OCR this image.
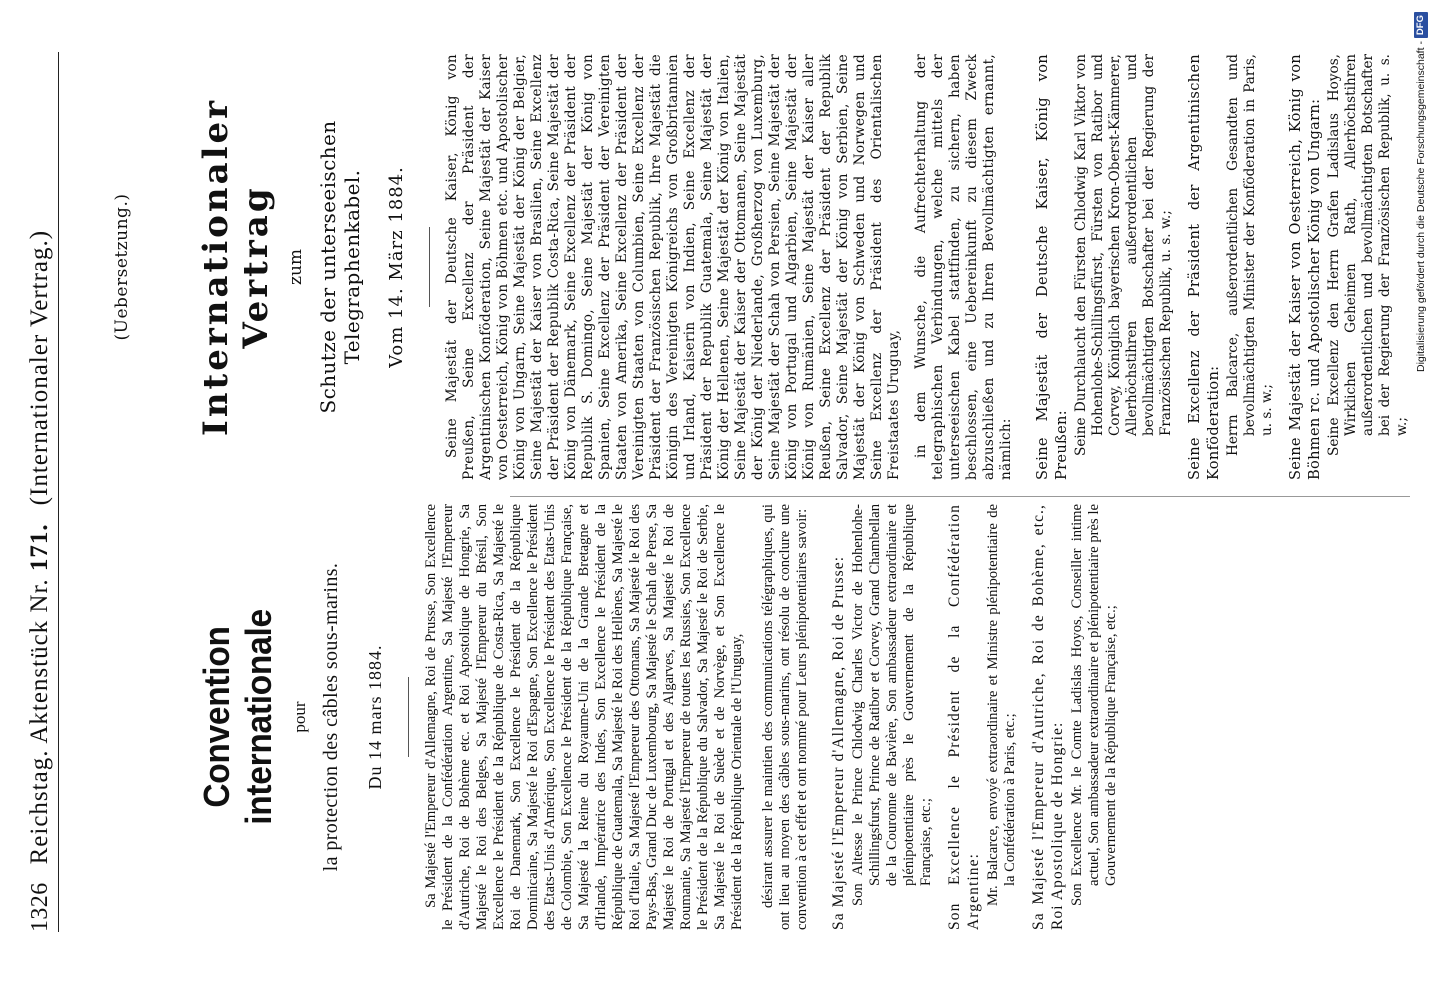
1326
Reichstag. Aktenstück Nr. 171.
(Internationaler Vertrag.)
Convention internationale pour la protection des câbles sous-marins. Du 14 mars 1884.	Sa Majesté l'Empereur d'Allemagne, Roi de Prusse, Son Excellence le Président de la Confédération Argentine, Sa Majesté l'Empereur d'Autriche, Roi de Bohème etc. et Roi Apostolique de Hongrie, Sa Majesté le Roi des Belges, Sa Majesté l'Empereur du Brésil, Son Excellence le Président de la République de Costa-Rica, Sa Majesté le Roi de Danemark, Son Excellence le Président de la République Dominicaine, Sa Majesté le Roi d'Espagne, Son Excellence le Président des Etats-Unis d'Amérique, Son Excellence le Président des Etats-Unis de Colombie, Son Excellence le Président de la République Française, Sa Majesté la Reine du Royaume-Uni de la Grande Bretagne et d'Irlande, Impératrice des Indes, Son Excellence le Président de la République de Guatemala, Sa Majesté le Roi des Hellènes, Sa Majesté le Roi d'Italie, Sa Majesté l'Empereur des Ottomans, Sa Majesté le Roi des Pays-Bas, Grand Duc de Luxembourg, Sa Majesté le Schah de Perse, Sa Majesté le Roi de Portugal et des Algarves, Sa Majesté le Roi de Roumanie, Sa Majesté l'Empereur de toutes les Russies, Son Excellence le Président de la République du Salvador, Sa Majesté le Roi de Serbie, Sa Majesté le Roi de Suède et de Norvège, et Son Excellence le Président de la République Orientale de l'Uruguay, désirant assurer le maintien des communications télégraphiques, qui ont lieu au moyen des câbles sous-marins, ont résolu de conclure une convention à cet effet et ont nommé pour Leurs plénipotentiaires savoir: Sa Majesté l'Empereur d'Allemagne, Roi de Prusse: Son Altesse le Prince Chlodwig Charles Victor de Hohenlohe-Schillingsfurst, Prince de Ratibor et Corvey, Grand Chambellan de la Couronne de Bavière, Son ambassadeur extraordinaire et plénipotentiaire près le Gouvernement de la République Française, etc.; Son Excellence le Président de la Confédération Argentine: Mr. Balcarce, envoyé extraordinaire et Ministre plénipotentiaire de la Confédération à Paris, etc.; Sa Majesté l'Empereur d'Autriche, Roi de Bohème, etc., Roi Apostolique de Hongrie: Son Excellence Mr. le Comte Ladislas Hoyos, Conseiller intime actuel, Son ambassadeur extraordinaire et plénipotentiaire près le Gouvernement de la République Française, etc.;

(Uebersetzung.) Internationaler Vertrag zum Schutze der unterseeischen Telegraphenkabel. Vom 14. März 1884.	Seine Majestät der Deutsche Kaiser, König von Preußen, Seine Excellenz der Präsident der Argentinischen Konföderation, Seine Majestät der Kaiser von Oesterreich, König von Böhmen etc. und Apostolischer König von Ungarn, Seine Majestät der König der Belgier, Seine Majestät der Kaiser von Brasilien, Seine Excellenz der Präsident der Republik Costa-Rica, Seine Majestät der König von Dänemark, Seine Excellenz der Präsident der Republik S. Domingo, Seine Majestät der König von Spanien, Seine Excellenz der Präsident der Vereinigten Staaten von Amerika, Seine Excellenz der Präsident der Vereinigten Staaten von Columbien, Seine Excellenz der Präsident der Französischen Republik, Ihre Majestät die Königin des Vereinigten Königreichs von Großbritannien und Irland, Kaiserin von Indien, Seine Excellenz der Präsident der Republik Guatemala, Seine Majestät der König der Hellenen, Seine Majestät der König von Italien, Seine Majestät der Kaiser der Ottomanen, Seine Majestät der König der Niederlande, Großherzog von Luxemburg, Seine Majestät der Schah von Persien, Seine Majestät der König von Portugal und Algarbien, Seine Majestät der König von Rumänien, Seine Majestät der Kaiser aller Reußen, Seine Excellenz der Präsident der Republik Salvador, Seine Majestät der König von Serbien, Seine Majestät der König von Schweden und Norwegen und Seine Excellenz der Präsident des Orientalischen Freistaates Uruguay, in dem Wunsche, die Aufrechterhaltung der telegraphischen Verbindungen, welche mittels der unterseeischen Kabel stattfinden, zu sichern, haben beschlossen, eine Uebereinkunft zu diesem Zweck abzuschließen und zu Ihren Bevollmächtigten ernannt, nämlich: Seine Majestät der Deutsche Kaiser, König von Preußen: Seine Durchlaucht den Fürsten Chlodwig Karl Viktor von Hohenlohe-Schillingsfürst, Fürsten von Ratibor und Corvey, Königlich bayerischen Kron-Oberst-Kämmerer, Allerhöchstihren außerordentlichen und bevollmächtigten Botschafter bei der Regierung der Französischen Republik, u. s. w.; Seine Excellenz der Präsident der Argentinischen Konföderation: Herrn Balcarce, außerordentlichen Gesandten und bevollmächtigten Minister der Konföderation in Paris, u. s. w.; Seine Majestät der Kaiser von Oesterreich, König von Böhmen rc. und Apostolischer König von Ungarn: Seine Excellenz den Herrn Grafen Ladislaus Hoyos, Wirklichen Geheimen Rath, Allerhöchstihren außerordentlichen und bevollmächtigten Botschafter bei der Regierung der Französischen Republik, u. s. w.;

Digitalisierung gefördert durch die Deutsche Forschungsgemeinschaft -
DFG
